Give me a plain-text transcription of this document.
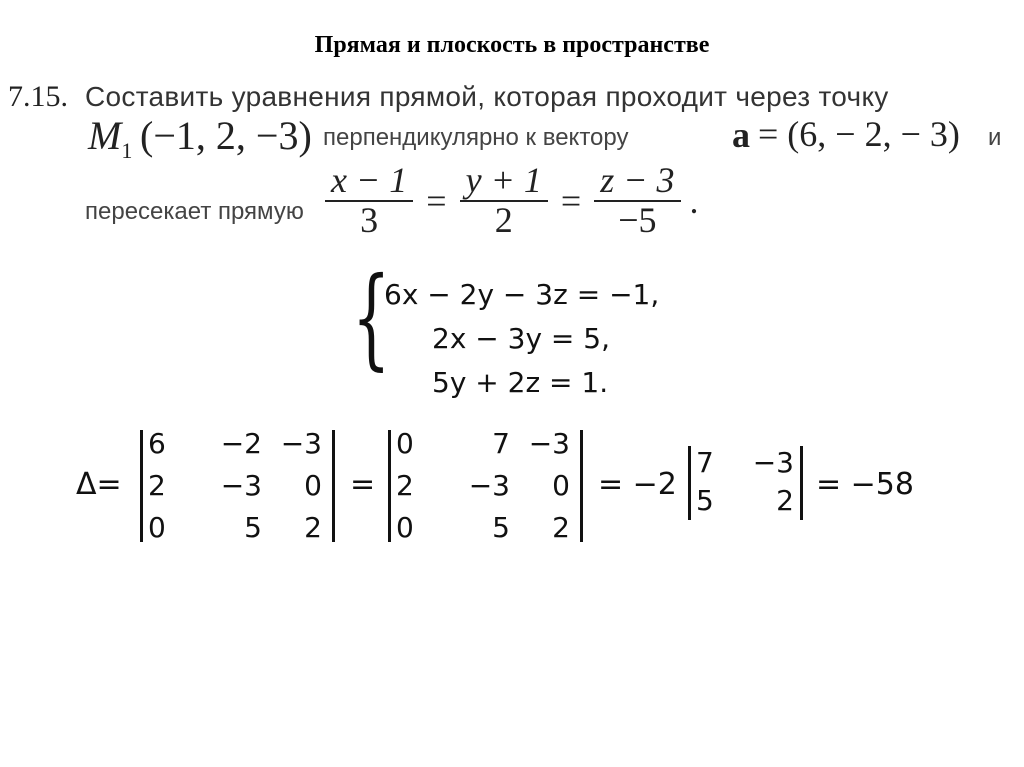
Прямая и плоскость в пространстве
7.15. Составить уравнения прямой, которая проходит через точку
$M_1$ (−1, 2, −3) перпендикулярно к вектору	a = (6, − 2, − 3) и
пересекает прямую $\frac{x - 1}{3} = \frac{y + 1}{2} = \frac{z - 3}{-5}$ .
{
6x − 2y − 3z = −1,
2x − 3y = 5,
5y + 2z = 1.
Δ=
6	−2 −3
2	−3	0
0	5	2
=
0	7 −3
2	−3	0
0	5	2
= −2
7	−3
5	2 = −58
